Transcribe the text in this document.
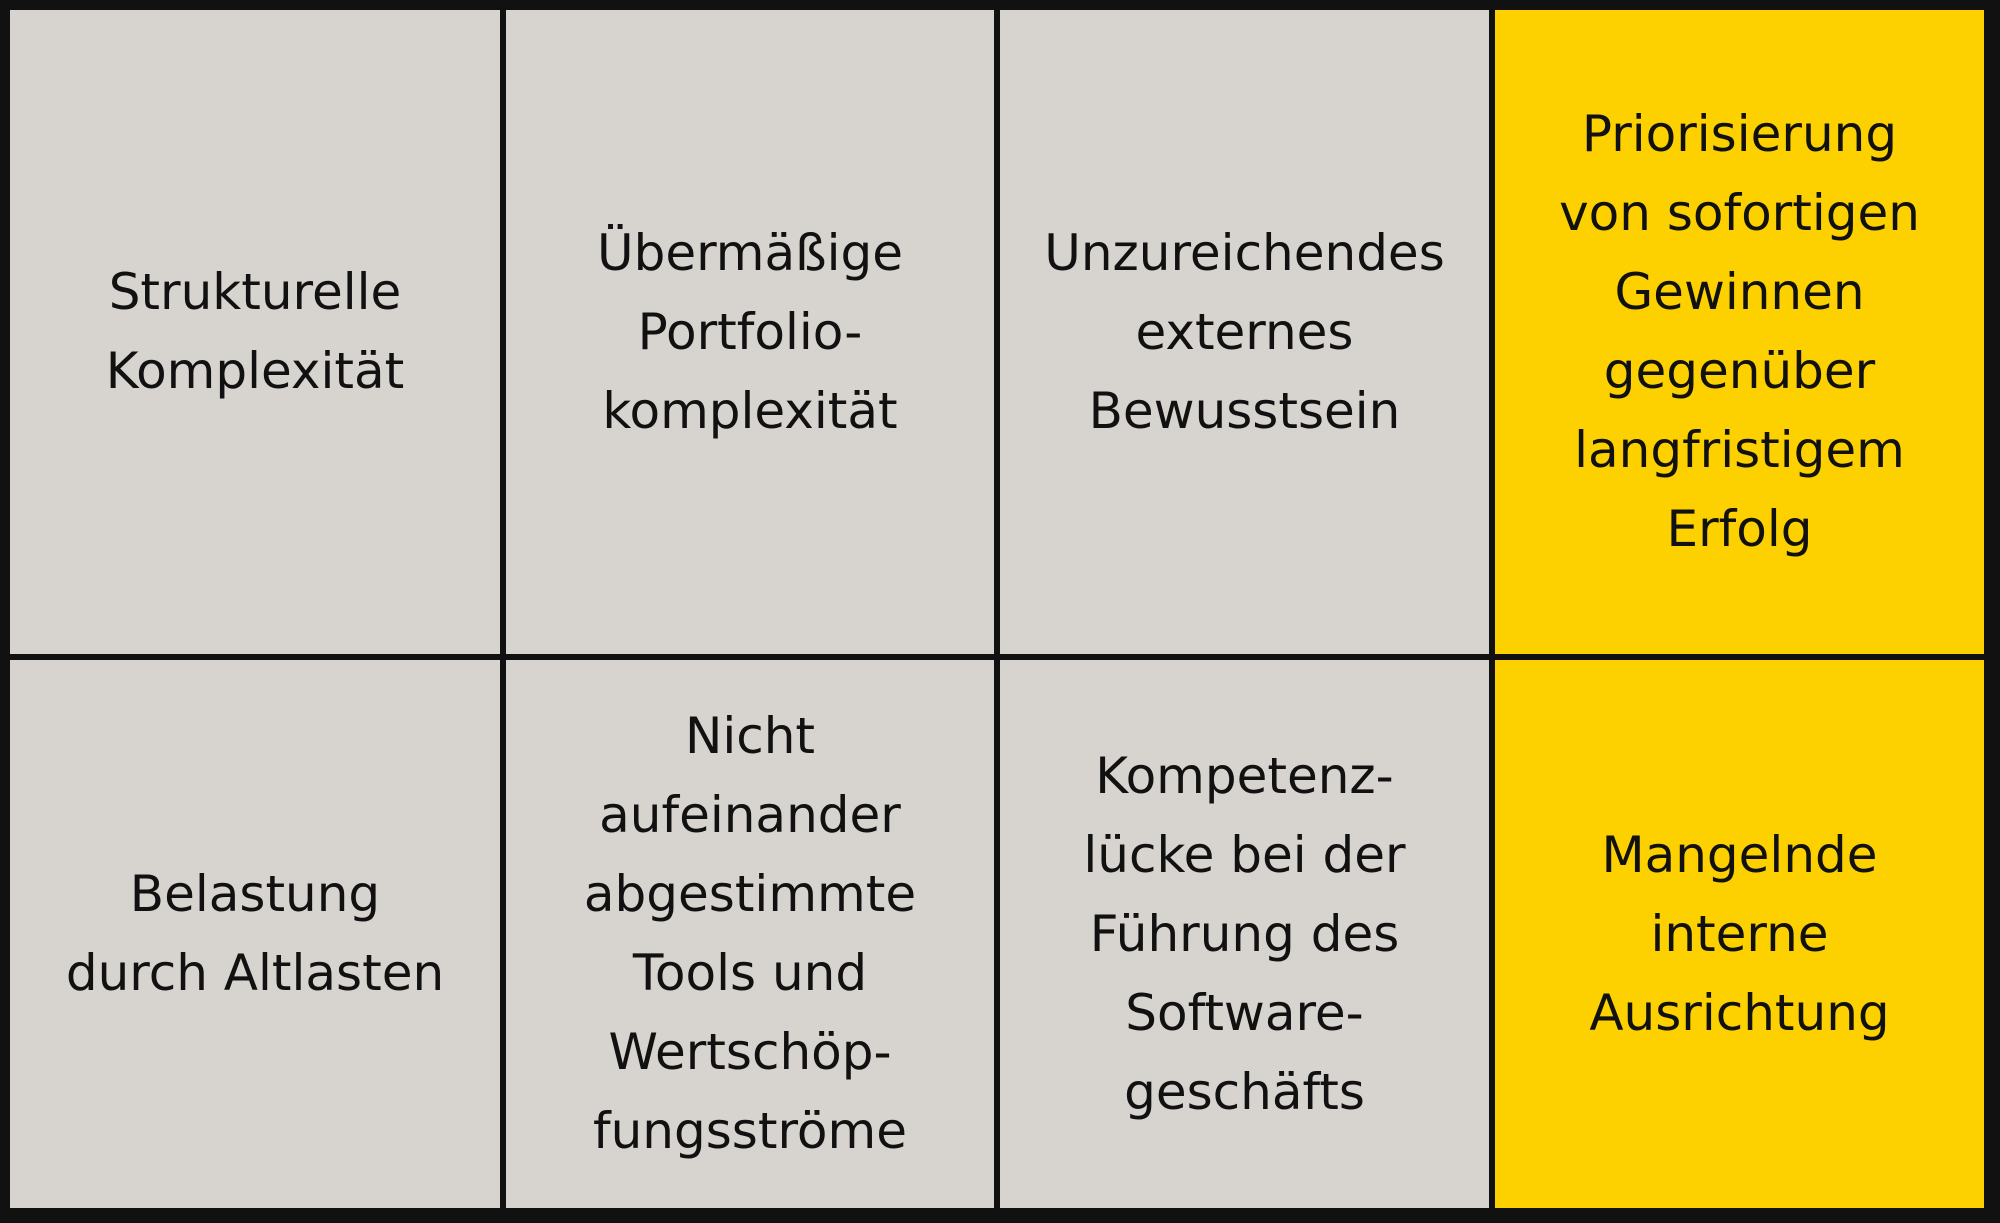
Strukturelle
Komplexität

Übermäßige
Portfolio-
komplexität

Unzureichendes
externes
Bewusstsein

Priorisierung
von sofortigen
Gewinnen
gegenüber
langfristigem
Erfolg

Belastung
durch Altlasten

Nicht
aufeinander
abgestimmte
Tools und
Wertschöp-
fungsströme

Kompetenz-
lücke bei der
Führung des
Software-
geschäfts

Mangelnde
interne
Ausrichtung
